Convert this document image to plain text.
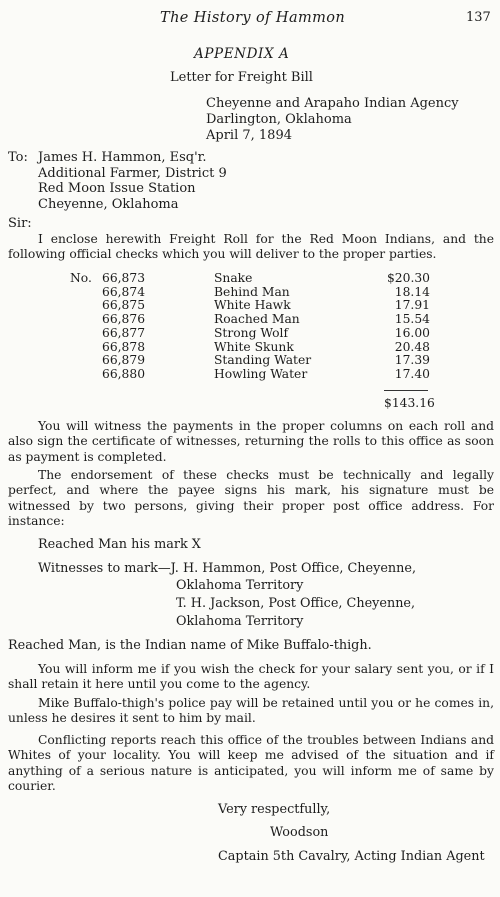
The History of Hammon	137
APPENDIX A
Letter for Freight Bill
Cheyenne and Arapaho Indian Agency
Darlington, Oklahoma
April 7, 1894
To: James H. Hammon, Esq'r.
Additional Farmer, District 9
Red Moon Issue Station
Cheyenne, Oklahoma
Sir:
I enclose herewith Freight Roll for the Red Moon Indians, and the following official checks which you will deliver to the proper parties.
No.	66,873	Snake	$20.30
	66,874	Behind Man	18.14
	66,875	White Hawk	17.91
	66,876	Roached Man	15.54
	66,877	Strong Wolf	16.00
	66,878	White Skunk	20.48
	66,879	Standing Water	17.39
	66,880	Howling Water	17.40
$143.16
You will witness the payments in the proper columns on each roll and also sign the certificate of witnesses, returning the rolls to this office as soon as payment is completed.
The endorsement of these checks must be technically and legally perfect, and where the payee signs his mark, his signature must be witnessed by two persons, giving their proper post office address. For instance:
Reached Man his mark X
Witnesses to mark—J. H. Hammon, Post Office, Cheyenne,
Oklahoma Territory
T. H. Jackson, Post Office, Cheyenne,
Oklahoma Territory
Reached Man, is the Indian name of Mike Buffalo-thigh.
You will inform me if you wish the check for your salary sent you, or if I shall retain it here until you come to the agency.
Mike Buffalo-thigh's police pay will be retained until you or he comes in, unless he desires it sent to him by mail.
Conflicting reports reach this office of the troubles between Indians and Whites of your locality. You will keep me advised of the situation and if anything of a serious nature is anticipated, you will inform me of same by courier.
Very respectfully,
Woodson
Captain 5th Cavalry, Acting Indian Agent
